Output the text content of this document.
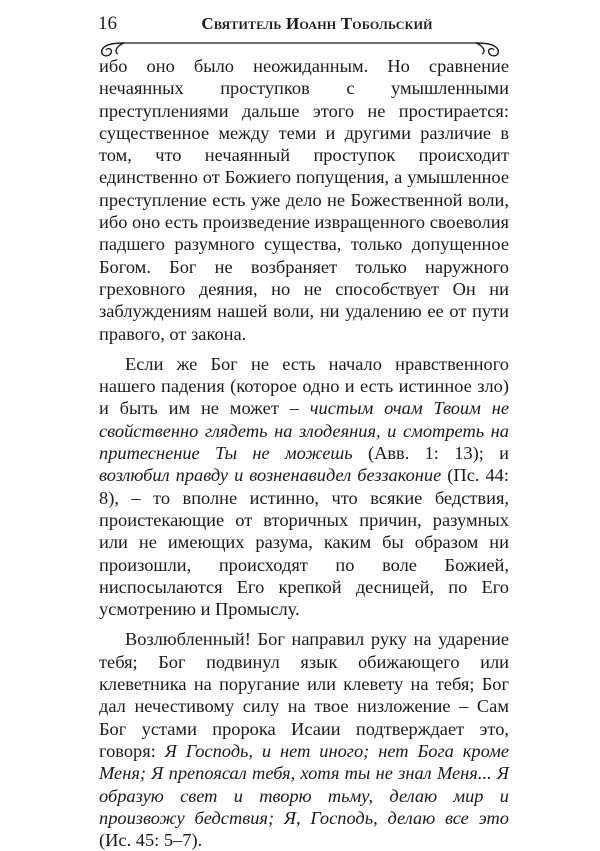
16	Святитель Иоанн Тобольский

ибо оно было неожиданным. Но сравнение нечаянных проступков с умышленными преступлениями дальше этого не простирается: существенное между теми и другими различие в том, что нечаянный проступок происходит единственно от Божиего попущения, а умышленное преступление есть уже дело не Божественной воли, ибо оно есть произведение извращенного своеволия падшего разумного существа, только допущенное Богом. Бог не возбраняет только наружного греховного деяния, но не способствует Он ни заблуждениям нашей воли, ни удалению ее от пути правого, от закона.

Если же Бог не есть начало нравственного нашего падения (которое одно и есть истинное зло) и быть им не может – чистым очам Твоим не свойственно глядеть на злодеяния, и смотреть на притеснение Ты не можешь (Авв. 1: 13); и возлюбил правду и возненавидел беззаконие (Пс. 44: 8), – то вполне истинно, что всякие бедствия, проистекающие от вторичных причин, разумных или не имеющих разума, каким бы образом ни произошли, происходят по воле Божией, ниспосылаются Его крепкой десницей, по Его усмотрению и Промыслу.

Возлюбленный! Бог направил руку на ударение тебя; Бог подвинул язык обижающего или клеветника на поругание или клевету на тебя; Бог дал нечестивому силу на твое низложение – Сам Бог устами пророка Исаии подтверждает это, говоря: Я Господь, и нет иного; нет Бога кроме Меня; Я препоясал тебя, хотя ты не знал Меня... Я образую свет и творю тьму, делаю мир и произвожу бедствия; Я, Господь, делаю все это (Ис. 45: 5–7).
